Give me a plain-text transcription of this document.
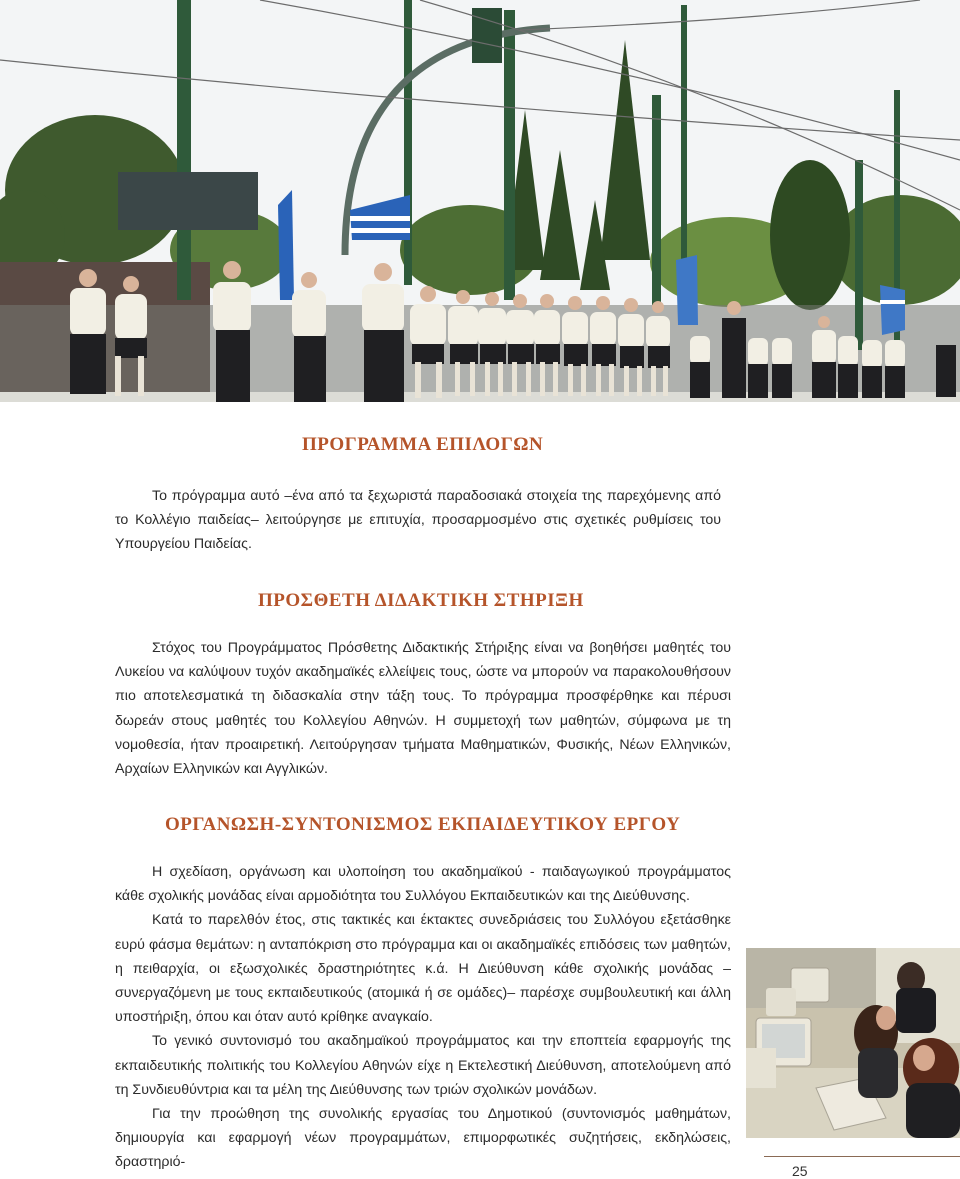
ΠΡΟΓΡΑΜΜΑ ΕΠΙΛΟΓΩΝ

Το πρόγραμμα αυτό –ένα από τα ξεχωριστά παραδοσιακά στοιχεία της παρεχόμενης από το Κολλέγιο παιδείας– λειτούργησε με επιτυχία, προσαρμοσμένο στις σχετικές ρυθμίσεις του Υπουργείου Παιδείας.

ΠΡΟΣΘΕΤΗ ΔΙΔΑΚΤΙΚΗ ΣΤΗΡΙΞΗ

Στόχος του Προγράμματος Πρόσθετης Διδακτικής Στήριξης είναι να βοηθήσει μαθητές του Λυκείου να καλύψουν τυχόν ακαδημαϊκές ελλείψεις τους, ώστε να μπορούν να παρακολουθήσουν πιο αποτελεσματικά τη διδασκαλία στην τάξη τους. Το πρόγραμμα προσφέρθηκε και πέρυσι δωρεάν στους μαθητές του Κολλεγίου Αθηνών. Η συμμετοχή των μαθητών, σύμφωνα με τη νομοθεσία, ήταν προαιρετική. Λειτούργησαν τμήματα Μαθηματικών, Φυσικής, Νέων Ελληνικών, Αρχαίων Ελληνικών και Αγγλικών.

ΟΡΓΑΝΩΣΗ-ΣΥΝΤΟΝΙΣΜΟΣ ΕΚΠΑΙΔΕΥΤΙΚΟΥ ΕΡΓΟΥ

Η σχεδίαση, οργάνωση και υλοποίηση του ακαδημαϊκού - παιδαγωγικού προγράμματος κάθε σχολικής μονάδας είναι αρμοδιότητα του Συλλόγου Εκπαιδευτικών και της Διεύθυνσης.

Κατά το παρελθόν έτος, στις τακτικές και έκτακτες συνεδριάσεις του Συλλόγου εξετάσθηκε ευρύ φάσμα θεμάτων: η ανταπόκριση στο πρόγραμμα και οι ακαδημαϊκές επιδόσεις των μαθητών, η πειθαρχία, οι εξωσχολικές δραστηριότητες κ.ά. Η Διεύθυνση κάθε σχολικής μονάδας –συνεργαζόμενη με τους εκπαιδευτικούς (ατομικά ή σε ομάδες)– παρέσχε συμβουλευτική και άλλη υποστήριξη, όπου και όταν αυτό κρίθηκε αναγκαίο.

Το γενικό συντονισμό του ακαδημαϊκού προγράμματος και την εποπτεία εφαρμογής της εκπαιδευτικής πολιτικής του Κολλεγίου Αθηνών είχε η Εκτελεστική Διεύθυνση, αποτελούμενη από τη Συνδιευθύντρια και τα μέλη της Διεύθυνσης των τριών σχολικών μονάδων.

Για την προώθηση της συνολικής εργασίας του Δημοτικού (συντονισμός μαθημάτων, δημιουργία και εφαρμογή νέων προγραμμάτων, επιμορφωτικές συζητήσεις, εκδηλώσεις, δραστηριό-

25
